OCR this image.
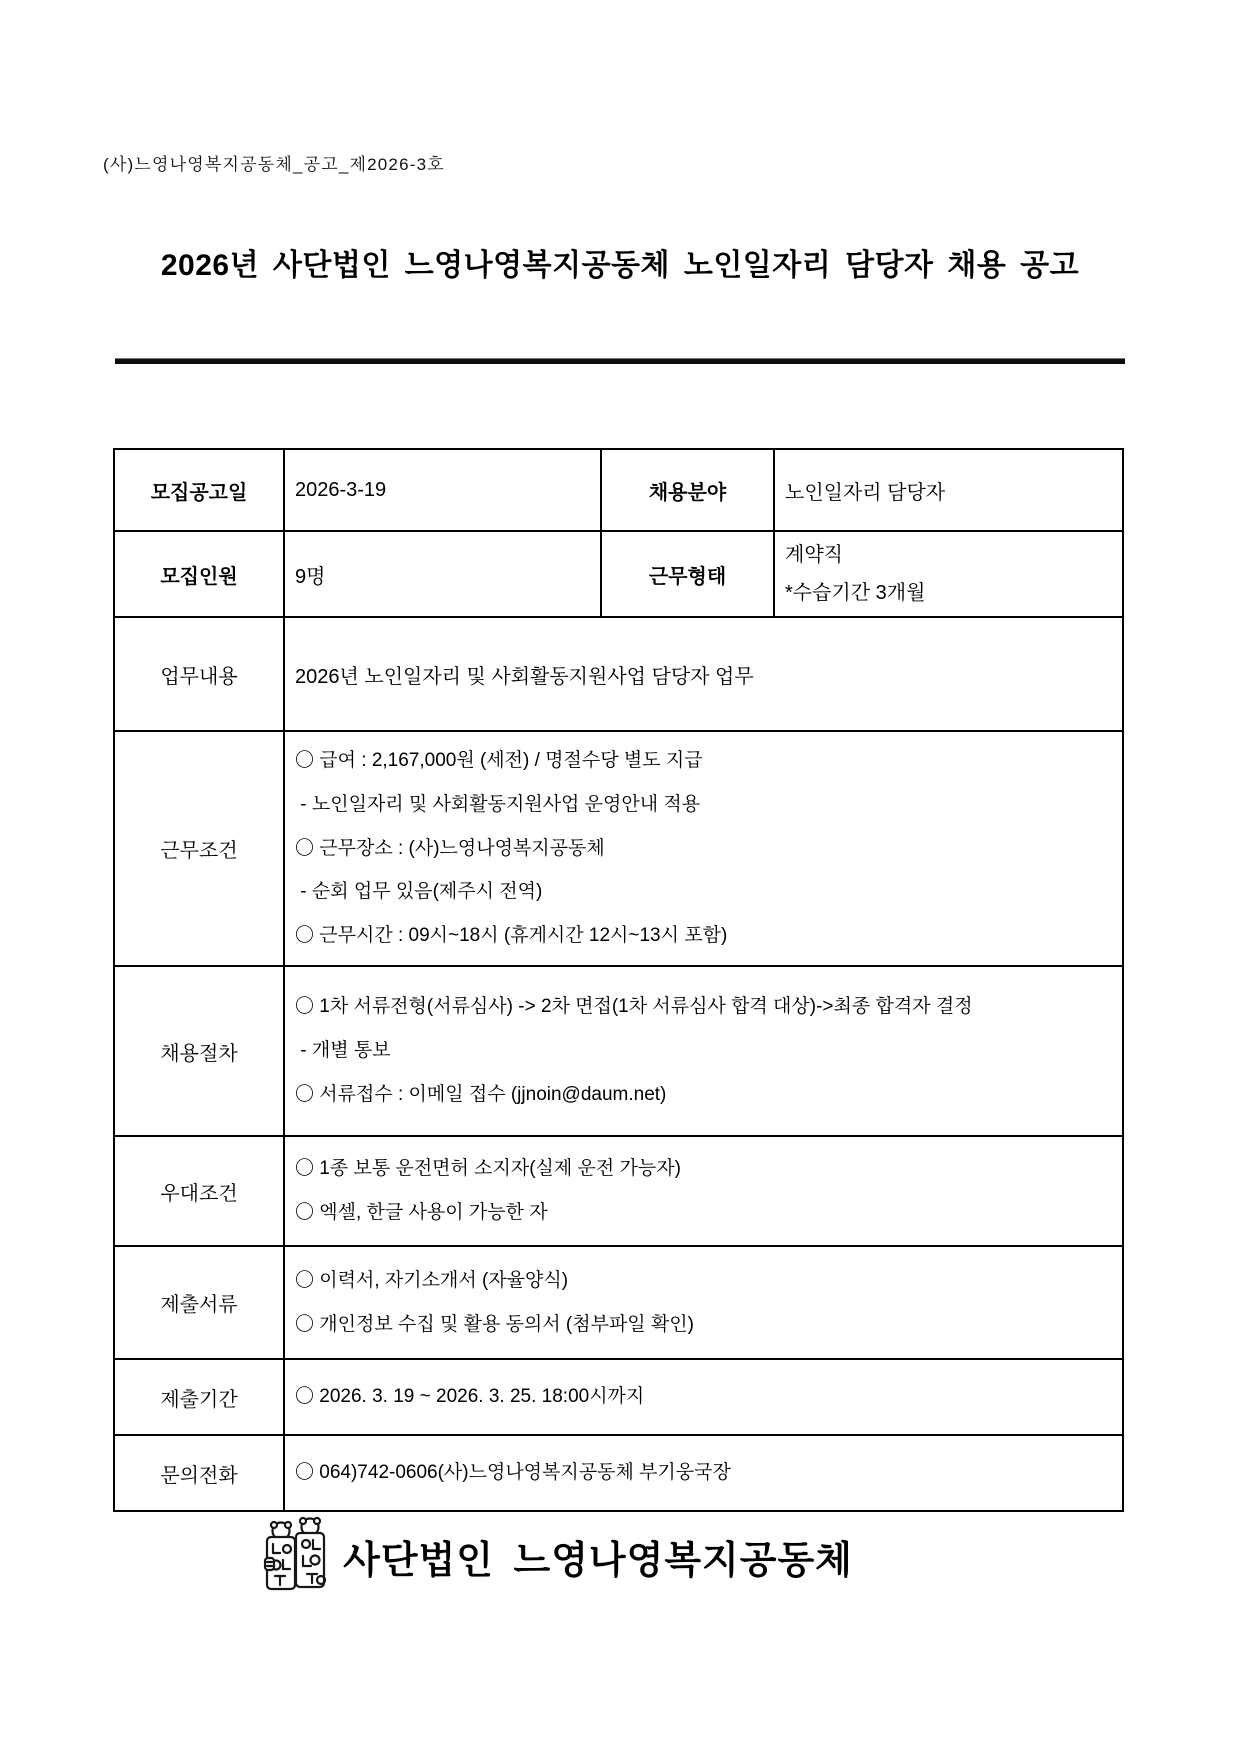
(사)느영나영복지공동체_공고_제2026-3호
2026년 사단법인 느영나영복지공동체 노인일자리 담당자 채용 공고
모집공고일	2026-3-19	채용분야	노인일자리 담당자
모집인원	9명	근무형태	계약직
*수습기간 3개월

업무내용	2026년 노인일자리 및 사회활동지원사업 담당자 업무		
근무조건	〇 급여 : 2,167,000원 (세전) / 명절수당 별도 지급
- 노인일자리 및 사회활동지원사업 운영안내 적용
〇 근무장소 : (사)느영나영복지공동체
- 순회 업무 있음(제주시 전역)
〇 근무시간 : 09시~18시 (휴게시간 12시~13시 포함)		

채용절차	〇 1차 서류전형(서류심사) -> 2차 면접(1차 서류심사 합격 대상)->최종 합격자 결정
- 개별 통보
〇 서류접수 : 이메일 접수 (jjnoin@daum.net)		

우대조건	〇 1종 보통 운전면허 소지자(실제 운전 가능자)
〇 엑셀, 한글 사용이 가능한 자		

제출서류	〇 이력서, 자기소개서 (자율양식)
〇 개인정보 수집 및 활용 동의서 (첨부파일 확인)		

제출기간	〇 2026. 3. 19 ~ 2026. 3. 25. 18:00시까지		

문의전화	〇 064)742-0606(사)느영나영복지공동체 부기웅국장		
사단법인 느영나영복지공동체
